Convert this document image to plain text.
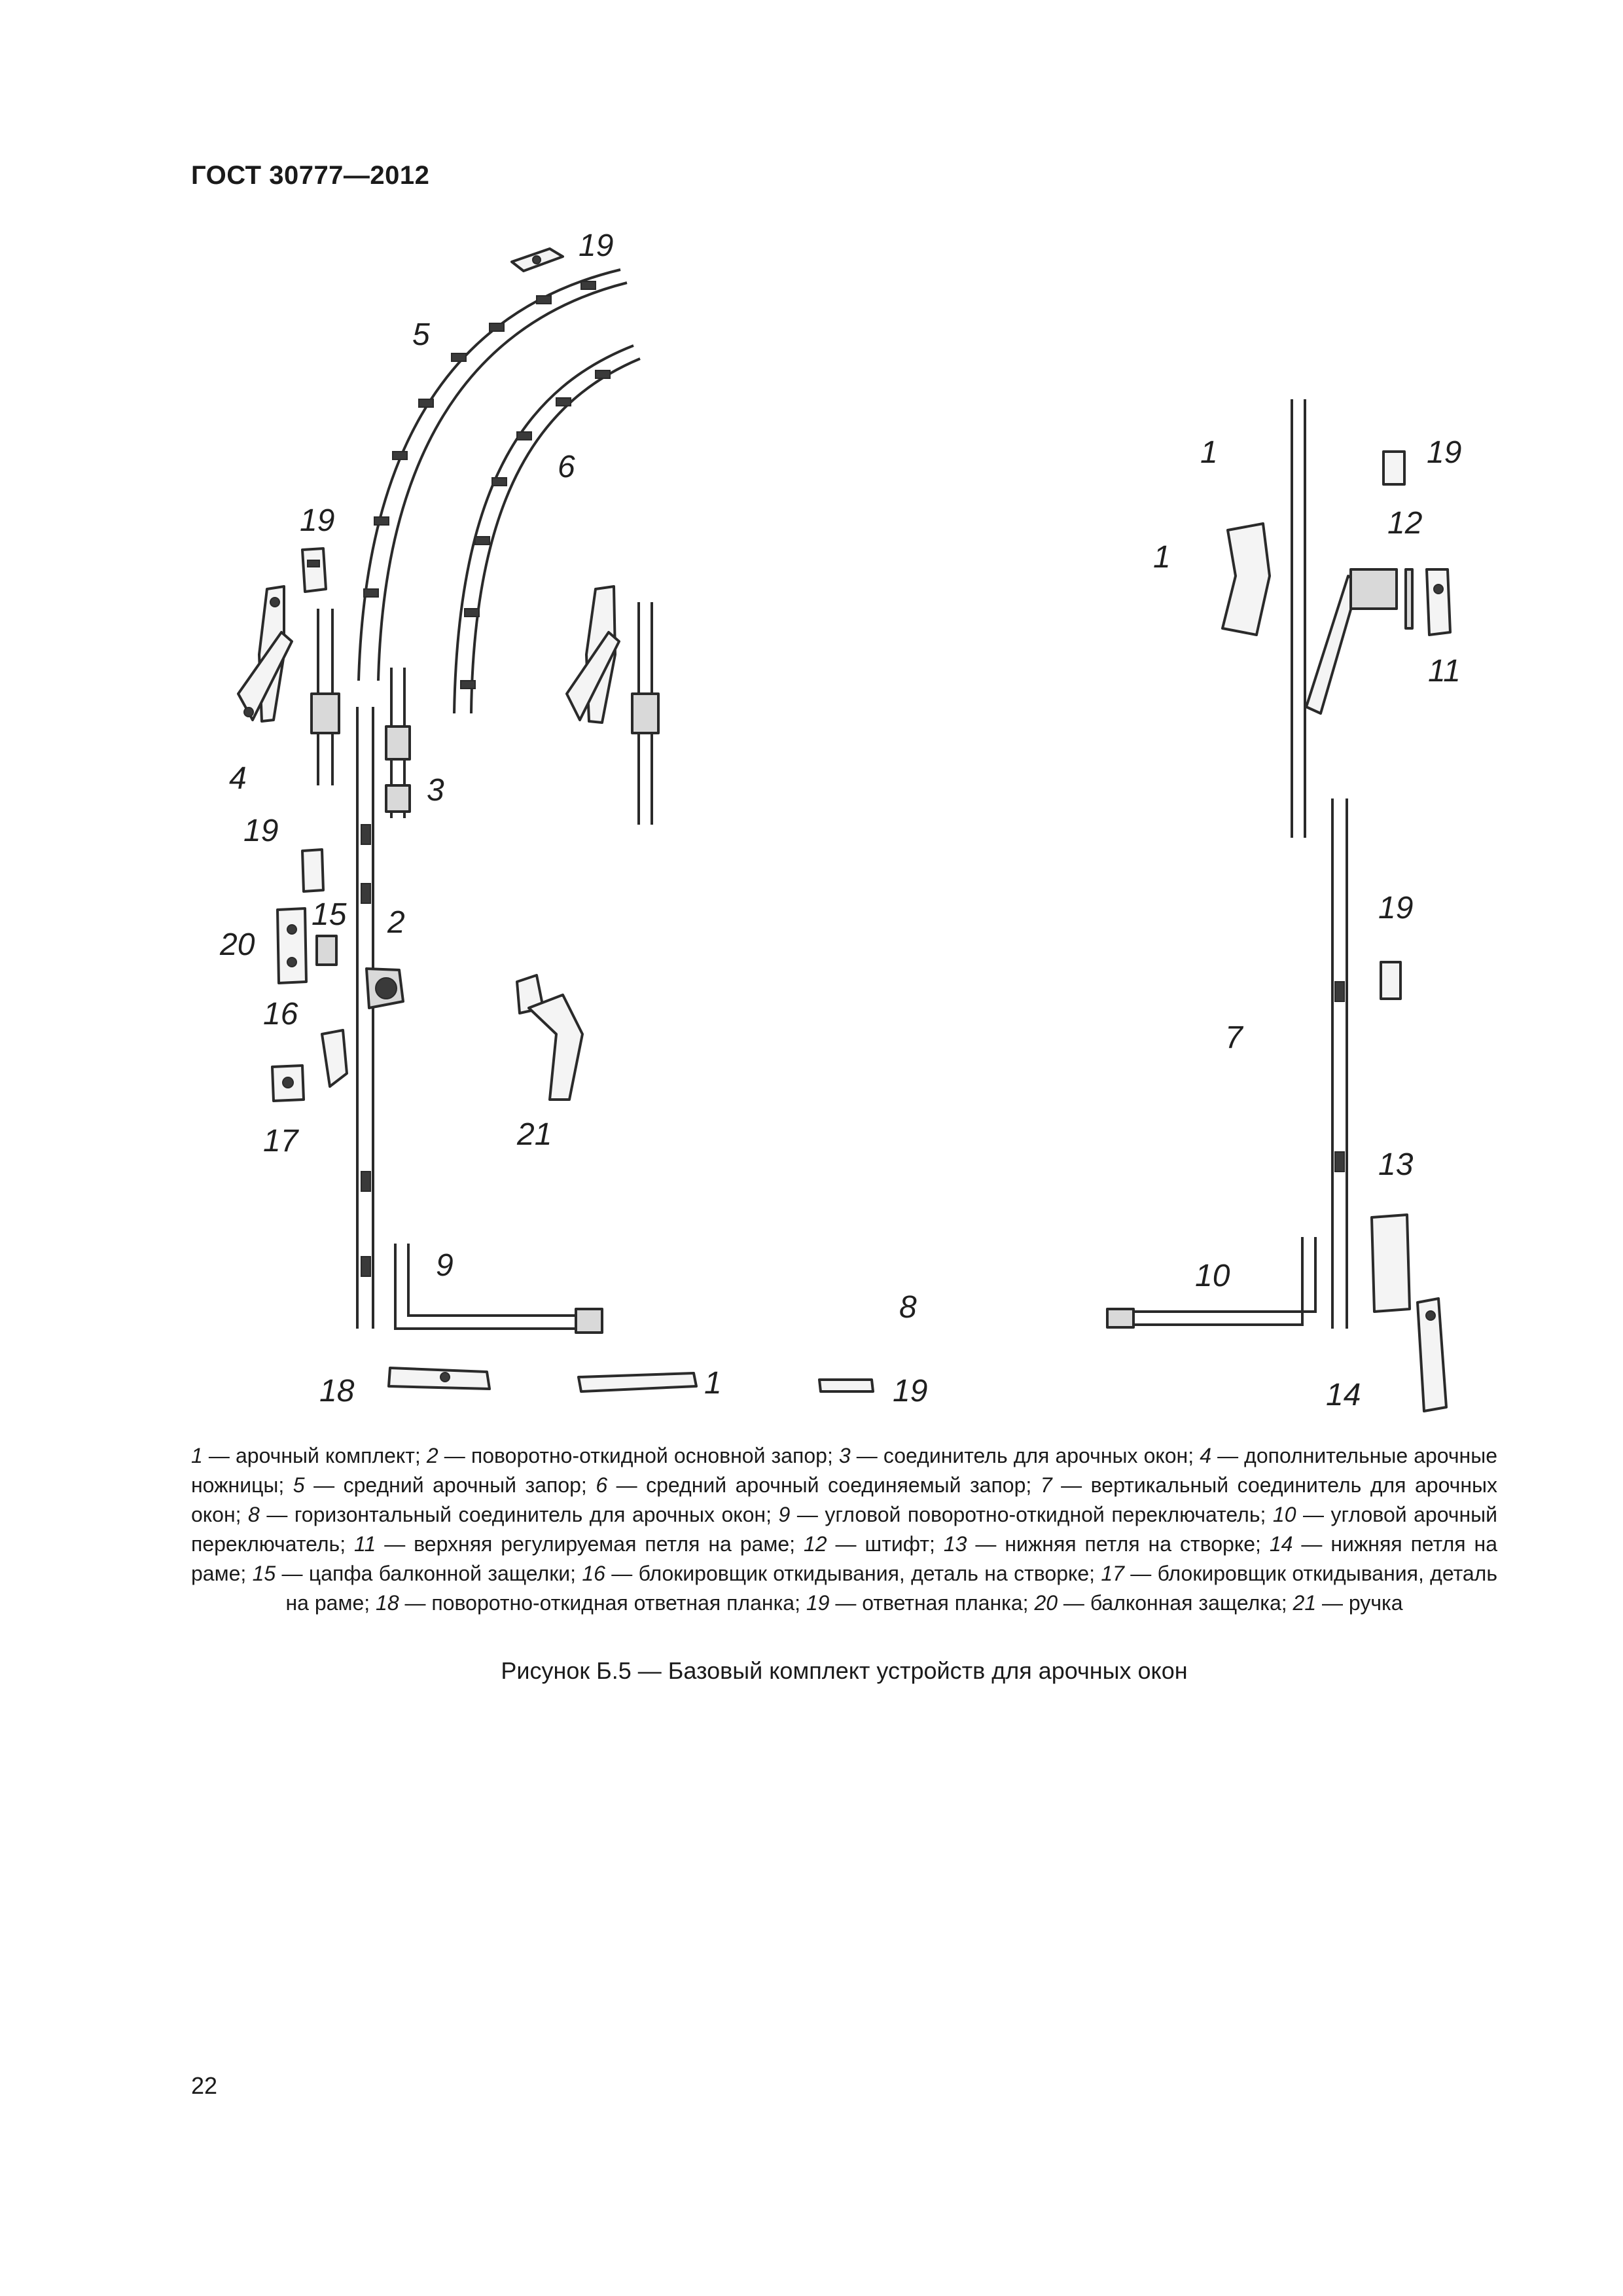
ГОСТ 30777—2012
19
5
6
19
4	3
19
15 2
20
16
17	21
9
18	1
8
19
1	19
12
1
11
19
7
13
10
14
1 — арочный комплект; 2 — поворотно-откидной основной запор; 3 — соединитель для арочных окон; 4 — дополнительные арочные ножницы; 5 — средний арочный запор; 6 — средний арочный соединяемый запор; 7 — вертикальный соединитель для арочных окон; 8 — горизонтальный соединитель для арочных окон; 9 — угловой поворотно-откидной переключатель; 10 — угловой арочный переключатель; 11 — верхняя регулируемая петля на раме; 12 — штифт; 13 — нижняя петля на створке; 14 — нижняя петля на раме; 15 — цапфа балконной защелки; 16 — блокировщик откидывания, деталь на створке; 17 — блокировщик откидывания, деталь на раме; 18 — поворотно-откидная ответная планка; 19 — ответная планка; 20 — балконная защелка; 21 — ручка
Рисунок Б.5 — Базовый комплект устройств для арочных окон
22
